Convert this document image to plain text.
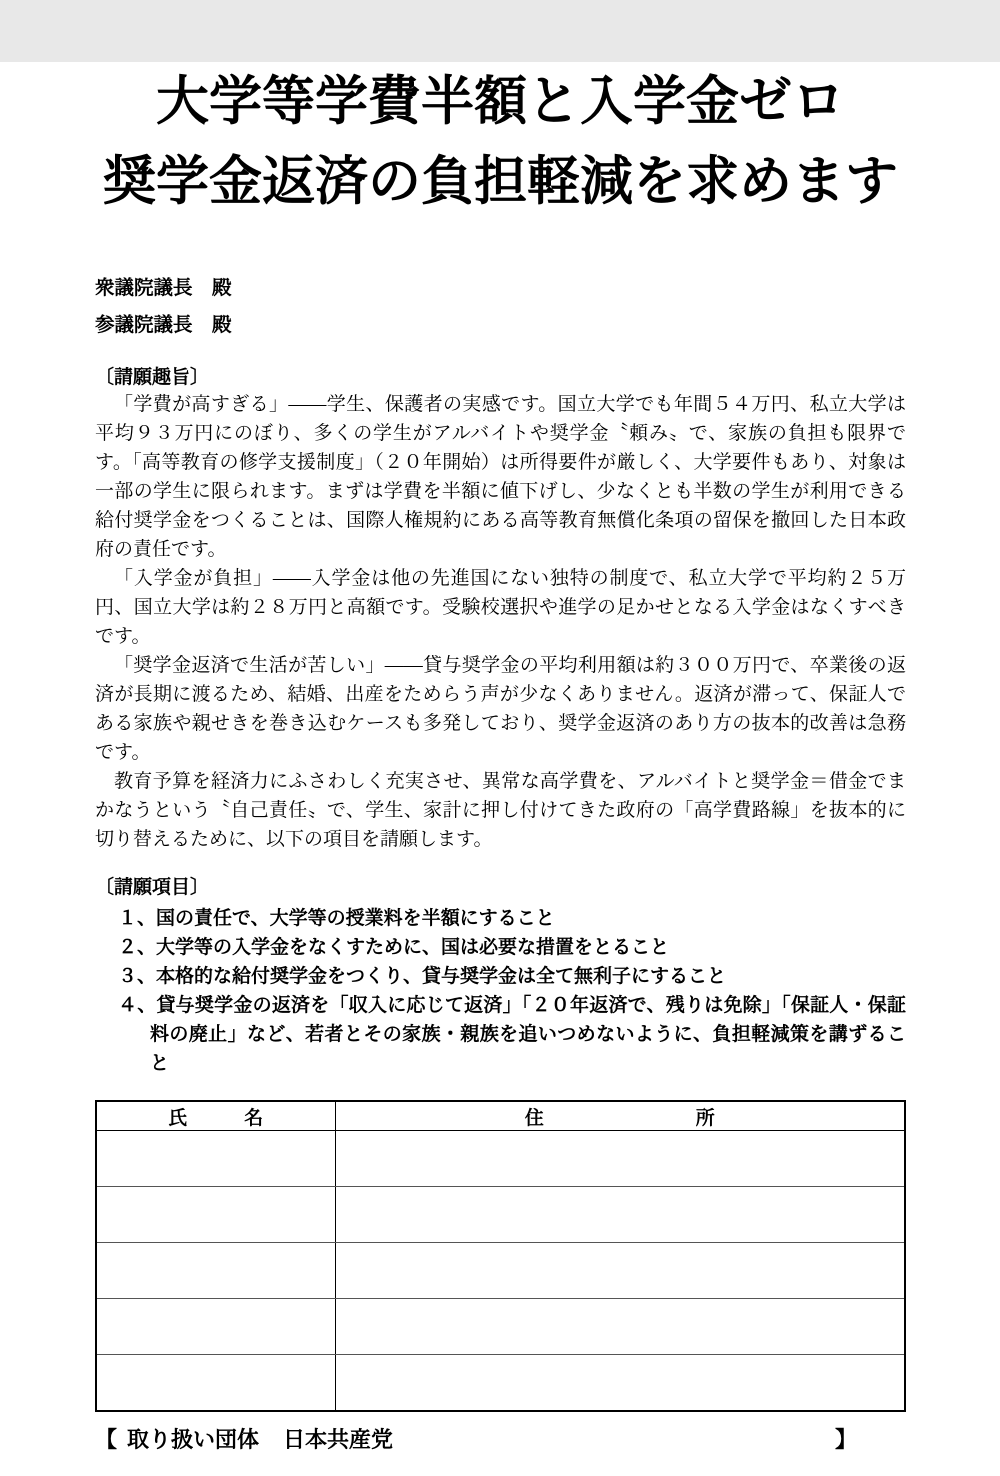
大学等学費半額と入学金ゼロ
奨学金返済の負担軽減を求めます
衆議院議長　殿
参議院議長　殿
〔請願趣旨〕

「学費が高すぎる」――学生、保護者の実感です。国立大学でも年間５４万円、私立大学は平均９３万円にのぼり、多くの学生がアルバイトや奨学金〝頼み〟で、家族の負担も限界です。「高等教育の修学支援制度」（２０年開始）は所得要件が厳しく、大学要件もあり、対象は一部の学生に限られます。まずは学費を半額に値下げし、少なくとも半数の学生が利用できる給付奨学金をつくることは、国際人権規約にある高等教育無償化条項の留保を撤回した日本政府の責任です。

「入学金が負担」――入学金は他の先進国にない独特の制度で、私立大学で平均約２５万円、国立大学は約２８万円と高額です。受験校選択や進学の足かせとなる入学金はなくすべきです。

「奨学金返済で生活が苦しい」――貸与奨学金の平均利用額は約３００万円で、卒業後の返済が長期に渡るため、結婚、出産をためらう声が少なくありません。返済が滞って、保証人である家族や親せきを巻き込むケースも多発しており、奨学金返済のあり方の抜本的改善は急務です。

教育予算を経済力にふさわしく充実させ、異常な高学費を、アルバイトと奨学金＝借金でまかなうという〝自己責任〟で、学生、家計に押し付けてきた政府の「高学費路線」を抜本的に切り替えるために、以下の項目を請願します。

〔請願項目〕
１、国の責任で、大学等の授業料を半額にすること
２、大学等の入学金をなくすために、国は必要な措置をとること
３、本格的な給付奨学金をつくり、貸与奨学金は全て無利子にすること
４、貸与奨学金の返済を「収入に応じて返済」「２０年返済で、残りは免除」「保証人・保証料の廃止」など、若者とその家族・親族を追いつめないように、負担軽減策を講ずること
氏　　　名	住　　　　　　　　所

【 取り扱い団体 日本共産党	】
